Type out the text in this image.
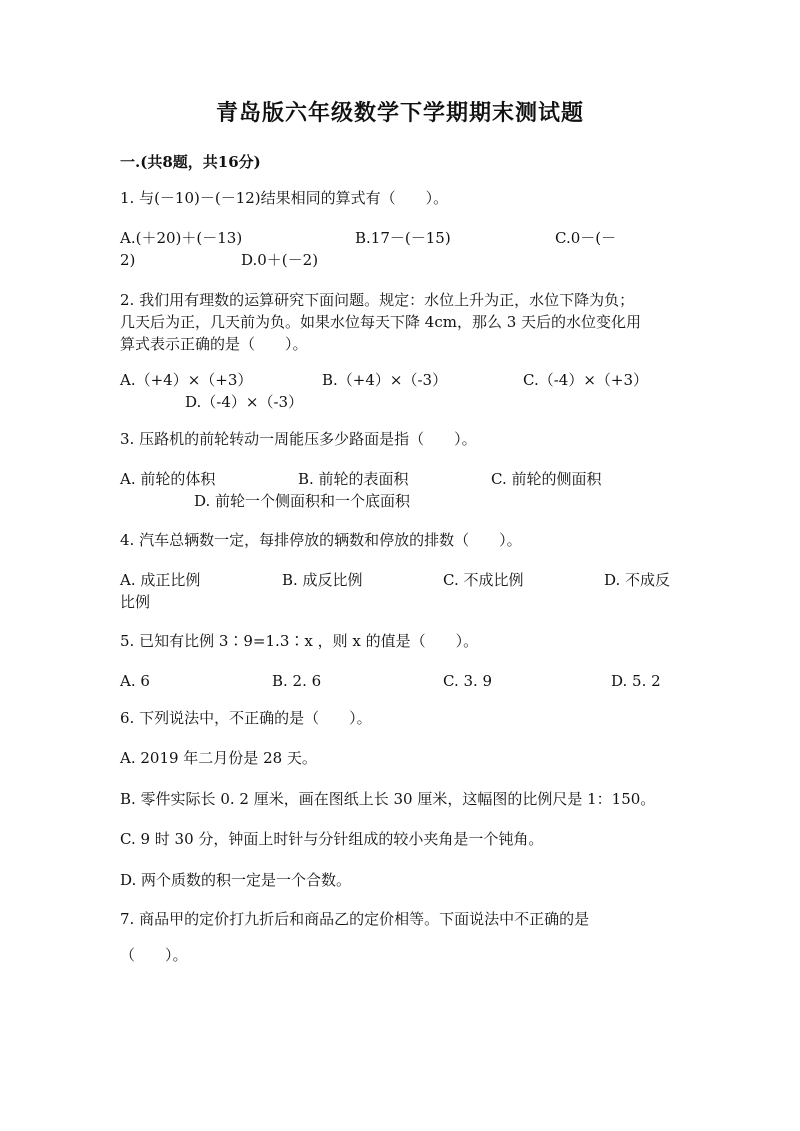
青岛版六年级数学下学期期末测试题
一.(共8题，共16分)
1. 与(－10)－(－12)结果相同的算式有（　　）。
A.(＋20)＋(－13)	B.17－(－15)	C.0－(－
2)	D.0＋(－2)
2. 我们用有理数的运算研究下面问题。规定：水位上升为正，水位下降为负；
几天后为正，几天前为负。如果水位每天下降 4cm，那么 3 天后的水位变化用
算式表示正确的是（　　）。
A.（+4）×（+3）	B.（+4）×（-3）	C.（-4）×（+3）
D.（-4）×（-3）
3. 压路机的前轮转动一周能压多少路面是指（　　）。
A. 前轮的体积	B. 前轮的表面积	C. 前轮的侧面积
D. 前轮一个侧面积和一个底面积
4. 汽车总辆数一定，每排停放的辆数和停放的排数（　　）。
A. 成正比例	B. 成反比例	C. 不成比例	D. 不成反
比例
5. 已知有比例 3∶9=1.3∶x ，则 x 的值是（　　）。
A. 6	B. 2. 6	C. 3. 9	D. 5. 2
6. 下列说法中，不正确的是（　　）。
A. 2019 年二月份是 28 天。
B. 零件实际长 0. 2 厘米，画在图纸上长 30 厘米，这幅图的比例尺是 1：150。
C. 9 时 30 分，钟面上时针与分针组成的较小夹角是一个钝角。
D. 两个质数的积一定是一个合数。
7. 商品甲的定价打九折后和商品乙的定价相等。下面说法中不正确的是
（　　）。
